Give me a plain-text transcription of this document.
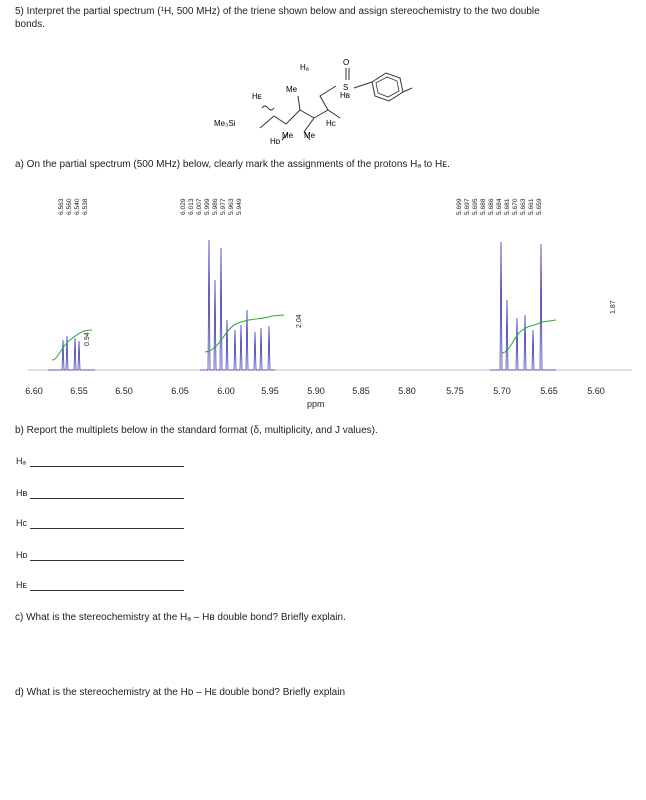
5) Interpret the partial spectrum (¹H, 500 MHz) of the triene shown below and assign stereochemistry to the two double
bonds.
Hᴇ
Me₃Si
Me
Hₐ
Hʙ
Hc
Me Me
Hᴅ
O
S
a) On the partial spectrum (500 MHz) below, clearly mark the assignments of the protons Hₐ to Hᴇ.
6.563 6.560 6.540 6.538	6.029 6.013 6.007 5.999 5.986 5.977 5.963 5.949	5.699 5.697 5.695 5.688 5.686 5.684 5.681 5.670 5.663 5.661 5.659
0.94
2.04
1.87
6.60	6.55	6.50	6.05	6.00	5.95	5.90	5.85	5.80	5.75	5.70	5.65	5.60
ppm
b) Report the multiplets below in the standard format (δ, multiplicity, and J values).
Hₐ
Hʙ
Hc
Hᴅ
Hᴇ
c) What is the stereochemistry at the Hₐ – Hʙ double bond? Briefly explain.
d) What is the stereochemistry at the Hᴅ – Hᴇ double bond? Briefly explain
